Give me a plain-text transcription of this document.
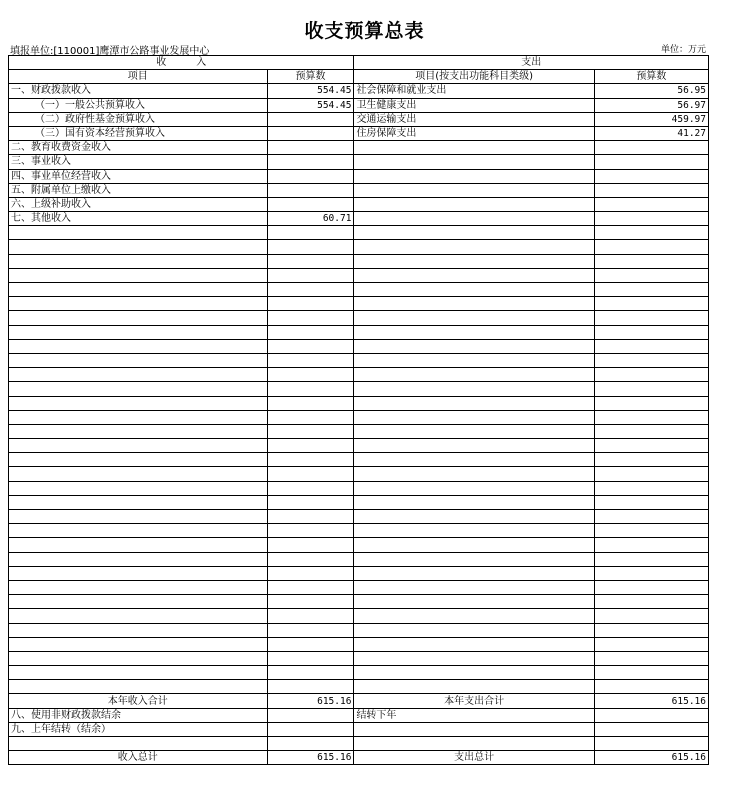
收支预算总表
填报单位:[110001]鹰潭市公路事业发展中心	单位：万元
收　　　入		支出	
项目	预算数	项目(按支出功能科目类级)	预算数
一、财政拨款收入	554.45	社会保障和就业支出	56.95
（一）一般公共预算收入	554.45	卫生健康支出	56.97
（二）政府性基金预算收入		交通运输支出	459.97
（三）国有资本经营预算收入		住房保障支出	41.27
二、教育收费资金收入			
三、事业收入			
四、事业单位经营收入			
五、附属单位上缴收入			
六、上级补助收入			
七、其他收入	60.71		

本年收入合计	615.16	本年支出合计	615.16
八、使用非财政拨款结余		结转下年	
九、上年结转（结余）			

收入总计	615.16	支出总计	615.16
